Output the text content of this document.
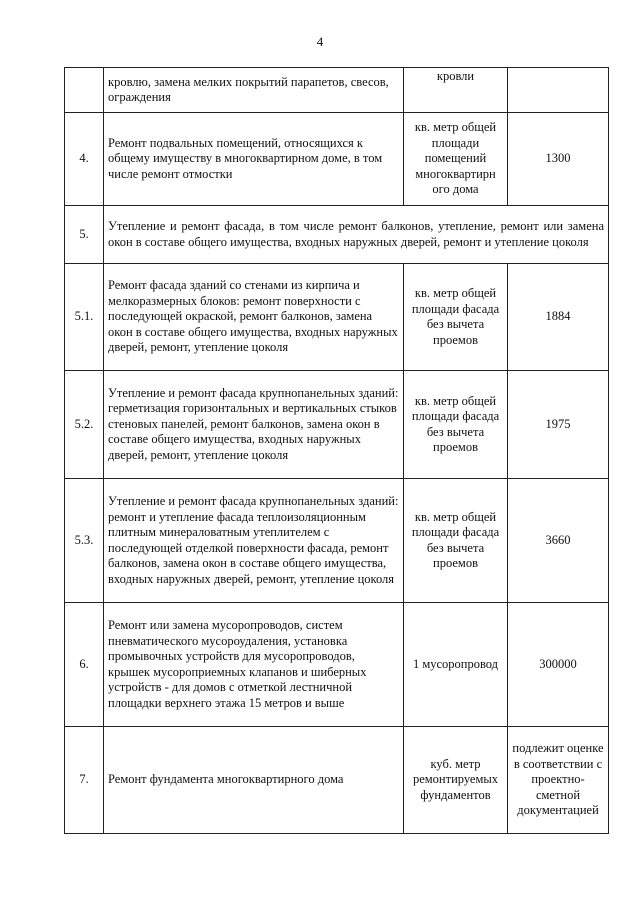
4
	кровлю, замена мелких покрытий парапетов, свесов, ограждения	кровли	
4.	Ремонт подвальных помещений, относящихся к общему имуществу в многоквартирном доме, в том числе ремонт отмостки	кв. метр общей площади помещений многоквартирн ого дома	1300
5.	Утепление и ремонт фасада, в том числе ремонт балконов, утепление, ремонт или замена окон в составе общего имущества, входных наружных дверей, ремонт и утепление цоколя		
5.1.	Ремонт фасада зданий со стенами из кирпича и мелкоразмерных блоков: ремонт поверхности с последующей окраской, ремонт балконов, замена окон в составе общего имущества, входных наружных дверей, ремонт, утепление цоколя	кв. метр общей площади фасада без вычета проемов	1884
5.2.	Утепление и ремонт фасада крупнопанельных зданий: герметизация горизонтальных и вертикальных стыков стеновых панелей, ремонт балконов, замена окон в составе общего имущества, входных наружных дверей, ремонт, утепление цоколя	кв. метр общей площади фасада без вычета проемов	1975
5.3.	Утепление и ремонт фасада крупнопанельных зданий: ремонт и утепление фасада теплоизоляционным плитным минераловатным утеплителем с последующей отделкой поверхности фасада, ремонт балконов, замена окон в составе общего имущества, входных наружных дверей, ремонт, утепление цоколя	кв. метр общей площади фасада без вычета проемов	3660
6.	Ремонт или замена мусоропроводов, систем пневматического мусороудаления, установка промывочных устройств для мусоропроводов, крышек мусороприемных клапанов и шиберных устройств - для домов с отметкой лестничной площадки верхнего этажа 15 метров и выше	1 мусоропровод	300000
7.	Ремонт фундамента многоквартирного дома	куб. метр ремонтируемых фундаментов	подлежит оценке в соответствии с проектно-сметной документацией
